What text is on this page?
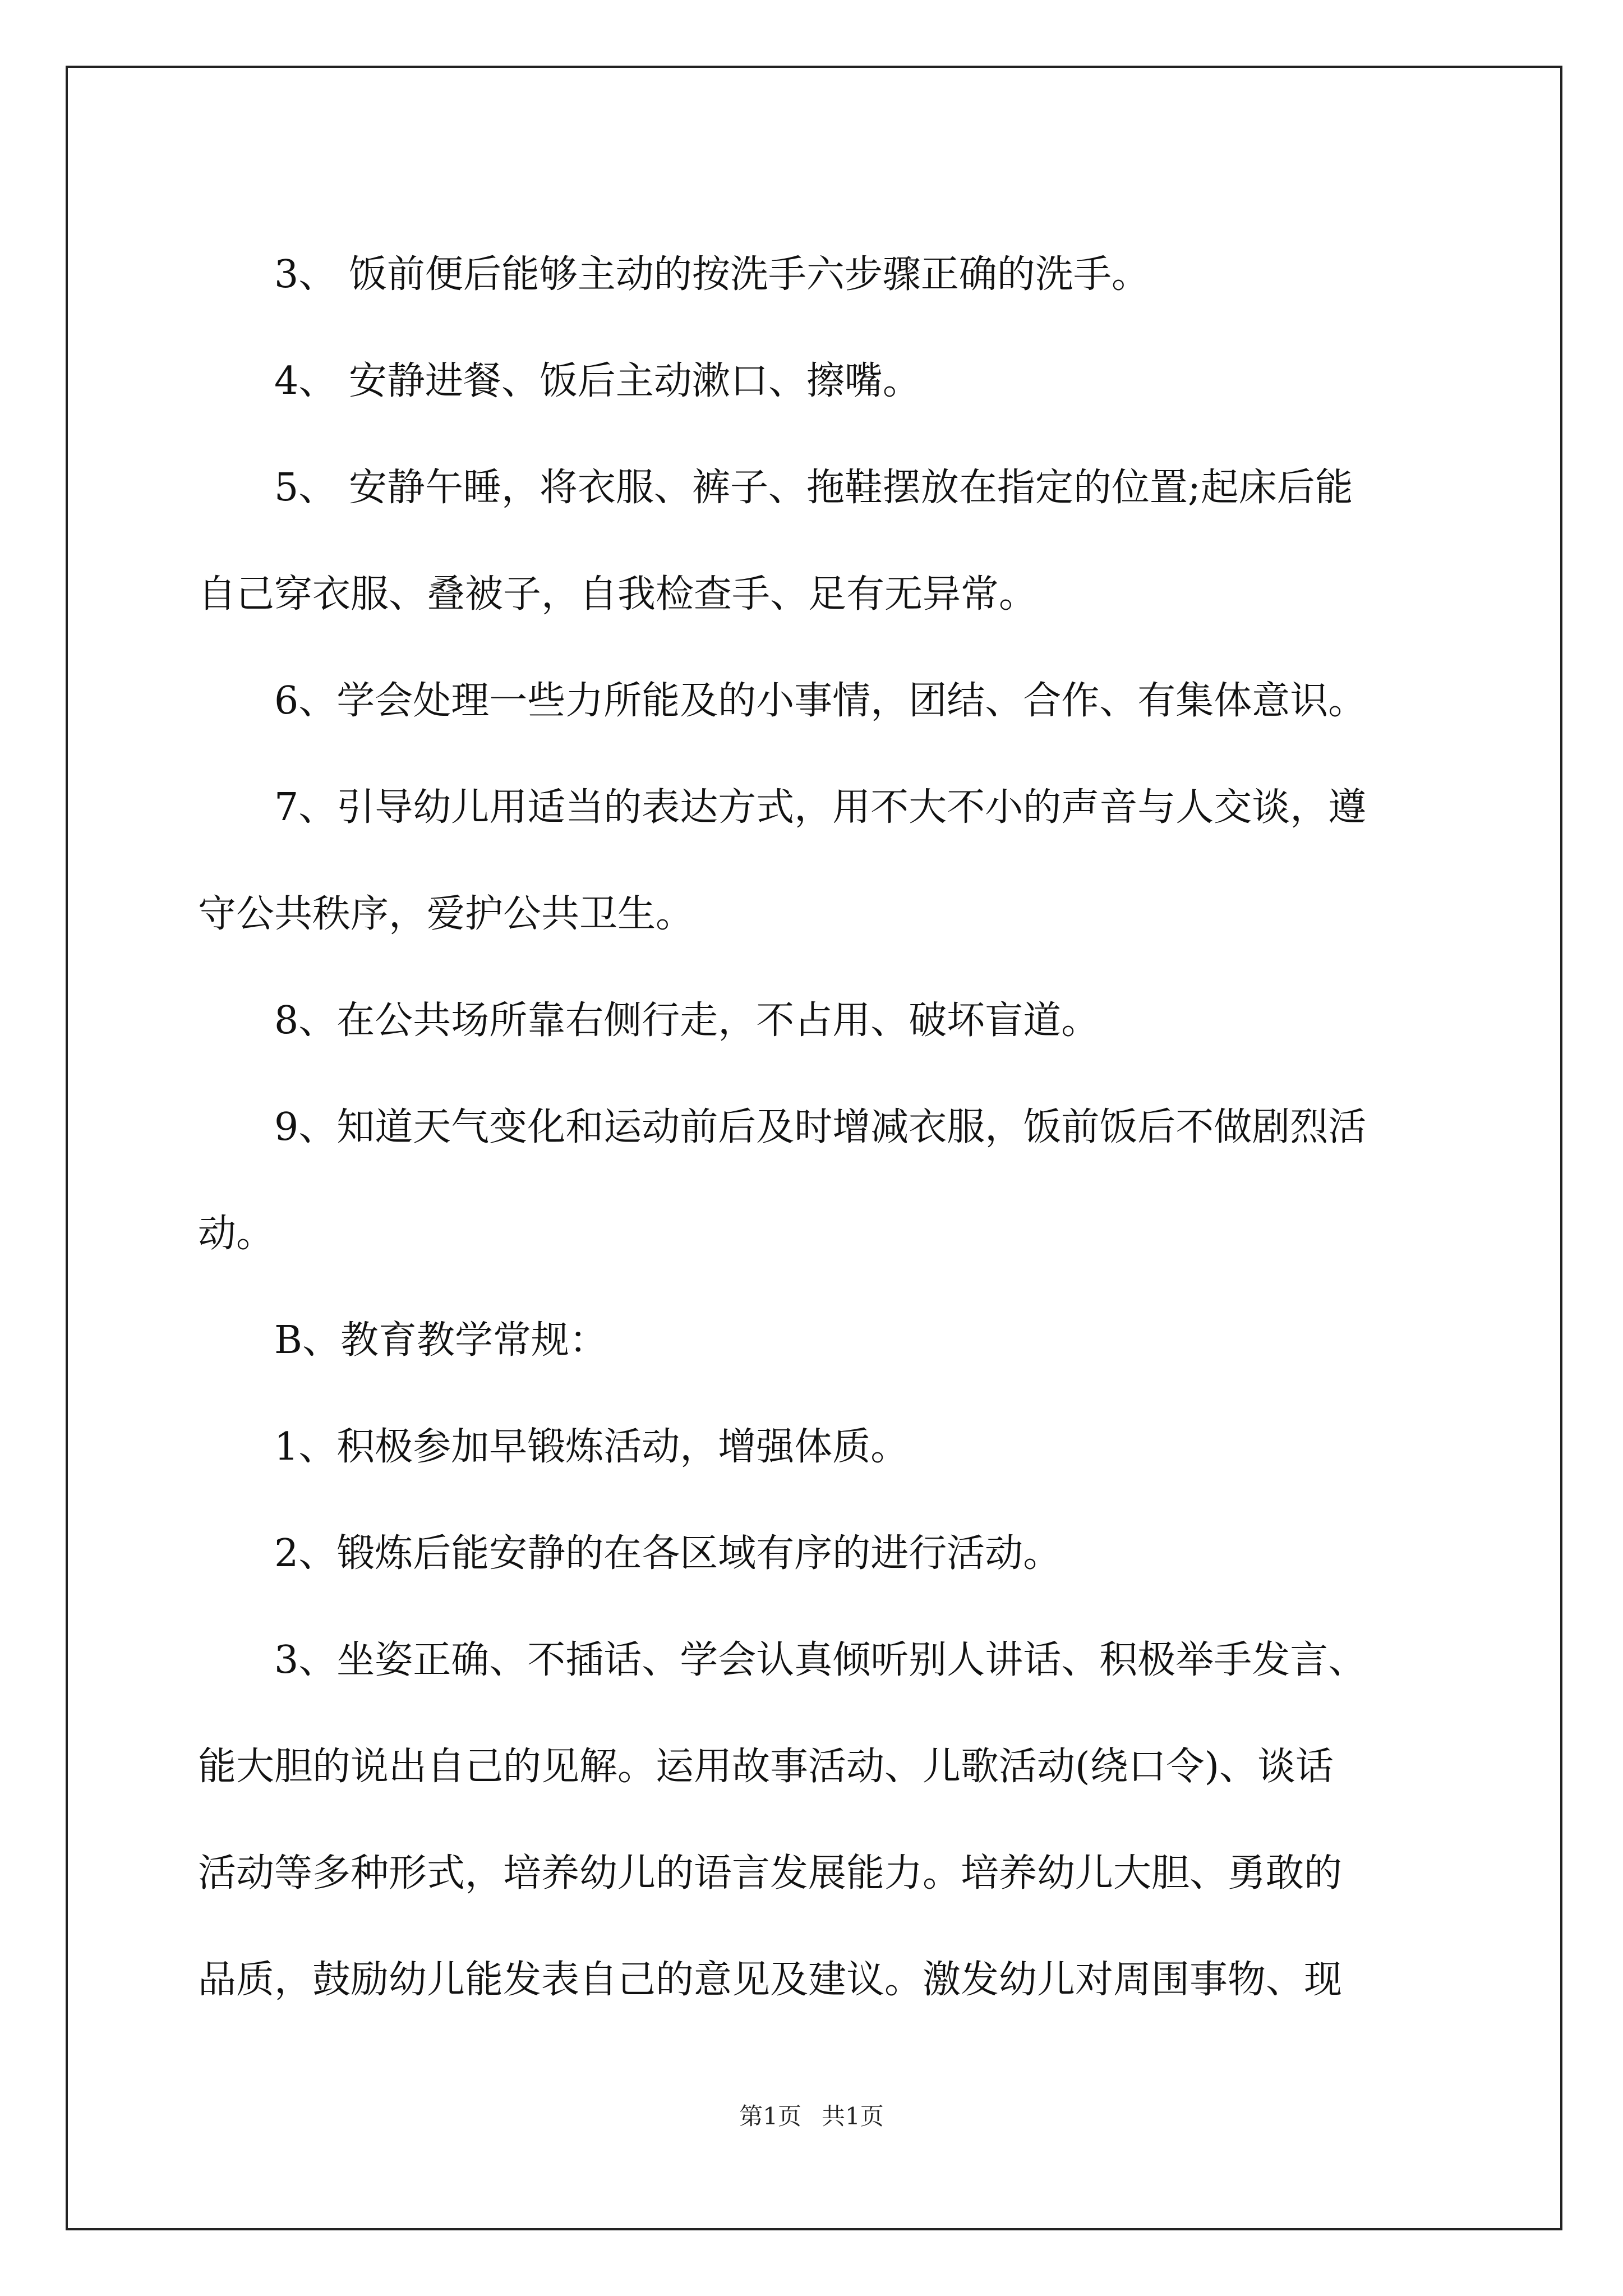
3、 饭前便后能够主动的按洗手六步骤正确的洗手。

4、 安静进餐、饭后主动漱口、擦嘴。

5、 安静午睡，将衣服、裤子、拖鞋摆放在指定的位置;起床后能

自己穿衣服、叠被子，自我检查手、足有无异常。

6、学会处理一些力所能及的小事情，团结、合作、有集体意识。

7、引导幼儿用适当的表达方式，用不大不小的声音与人交谈，遵

守公共秩序，爱护公共卫生。

8、在公共场所靠右侧行走，不占用、破坏盲道。

9、知道天气变化和运动前后及时增减衣服，饭前饭后不做剧烈活

动。

B、教育教学常规：

1、积极参加早锻炼活动，增强体质。

2、锻炼后能安静的在各区域有序的进行活动。

3、坐姿正确、不插话、学会认真倾听别人讲话、积极举手发言、

能大胆的说出自己的见解。运用故事活动、儿歌活动(绕口令)、谈话

活动等多种形式，培养幼儿的语言发展能力。培养幼儿大胆、勇敢的

品质，鼓励幼儿能发表自己的意见及建议。激发幼儿对周围事物、现

第1页 共1页
